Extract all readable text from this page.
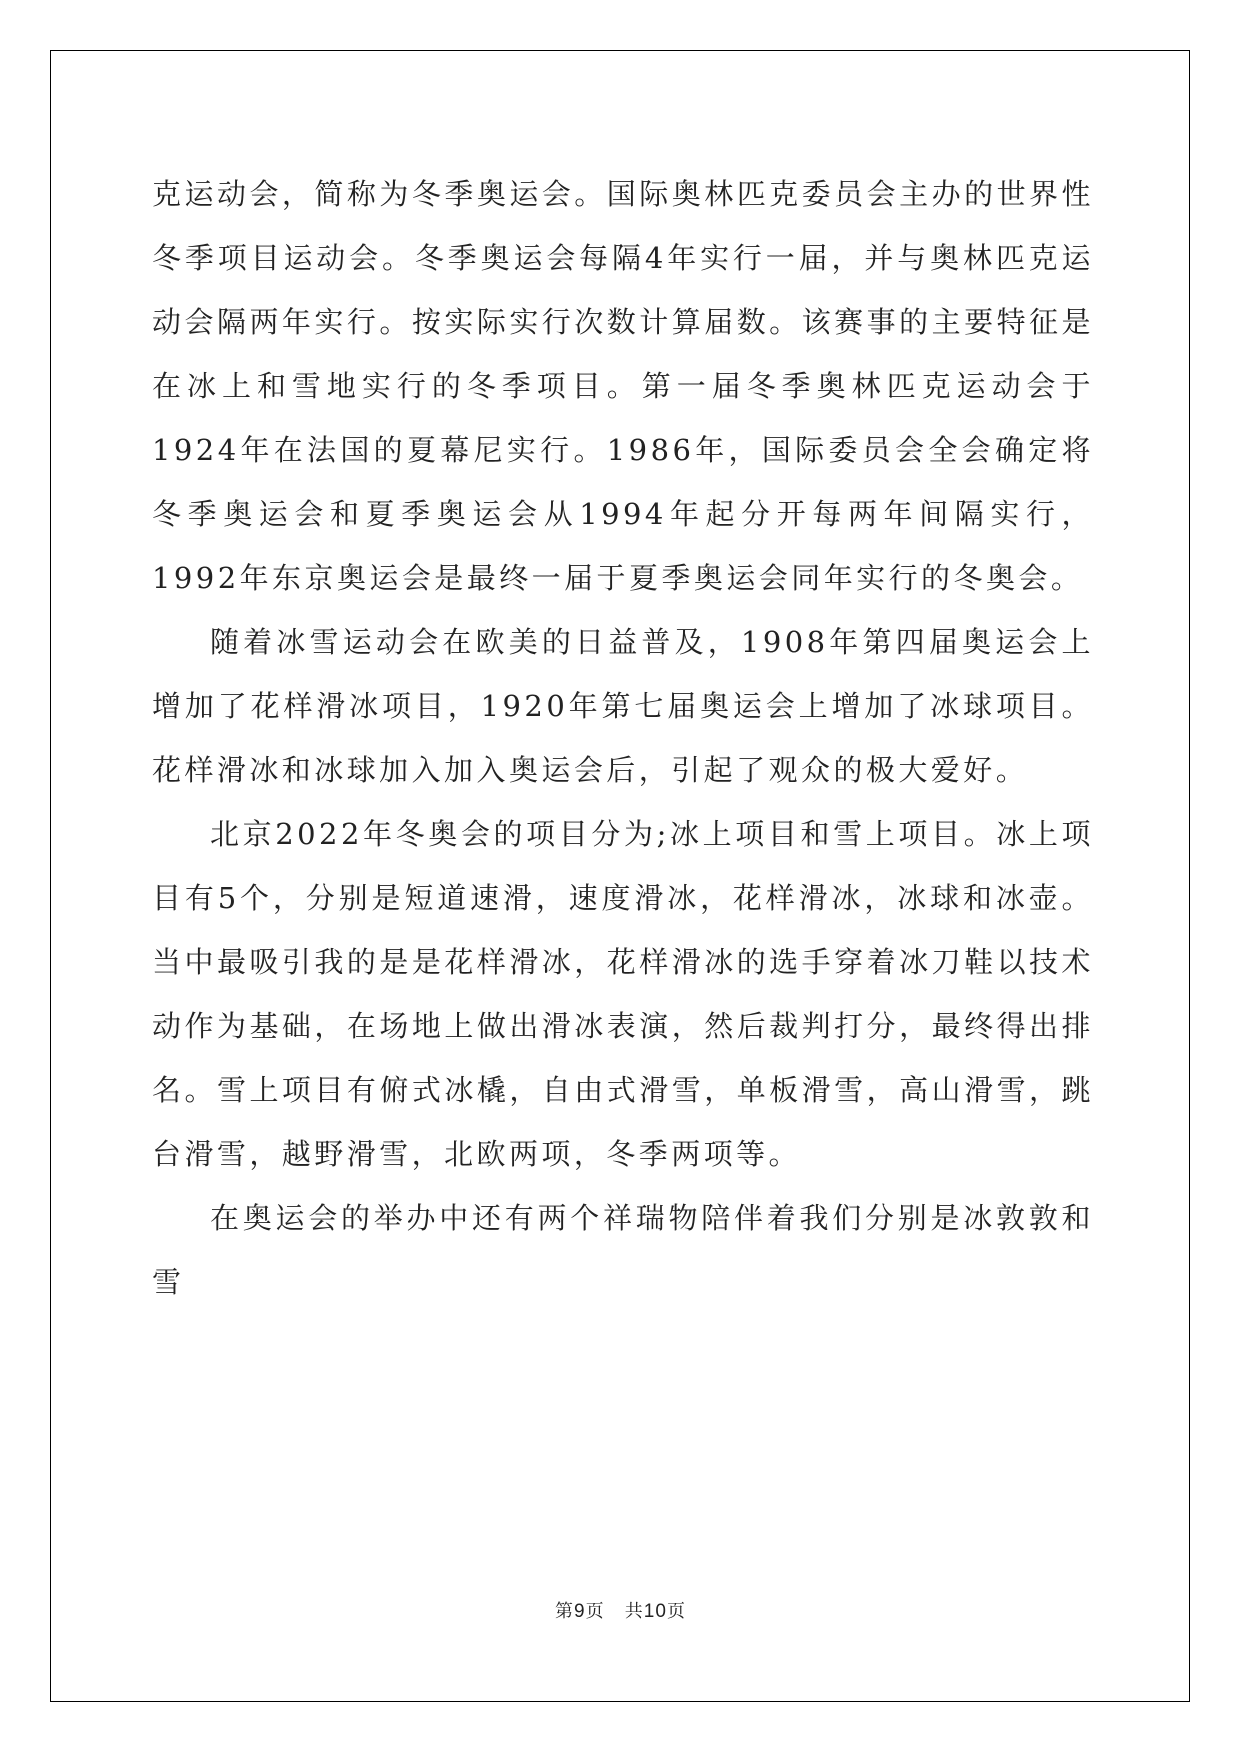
克运动会，简称为冬季奥运会。国际奥林匹克委员会主办的世界性冬季项目运动会。冬季奥运会每隔4年实行一届，并与奥林匹克运动会隔两年实行。按实际实行次数计算届数。该赛事的主要特征是在冰上和雪地实行的冬季项目。第一届冬季奥林匹克运动会于1924年在法国的夏幕尼实行。1986年，国际委员会全会确定将冬季奥运会和夏季奥运会从1994年起分开每两年间隔实行，1992年东京奥运会是最终一届于夏季奥运会同年实行的冬奥会。

随着冰雪运动会在欧美的日益普及，1908年第四届奥运会上增加了花样滑冰项目，1920年第七届奥运会上增加了冰球项目。花样滑冰和冰球加入加入奥运会后，引起了观众的极大爱好。

北京2022年冬奥会的项目分为;冰上项目和雪上项目。冰上项目有5个，分别是短道速滑，速度滑冰，花样滑冰，冰球和冰壶。当中最吸引我的是是花样滑冰，花样滑冰的选手穿着冰刀鞋以技术动作为基础，在场地上做出滑冰表演，然后裁判打分，最终得出排名。雪上项目有俯式冰橇，自由式滑雪，单板滑雪，高山滑雪，跳台滑雪，越野滑雪，北欧两项，冬季两项等。

在奥运会的举办中还有两个祥瑞物陪伴着我们分别是冰敦敦和雪

第9页 共10页
